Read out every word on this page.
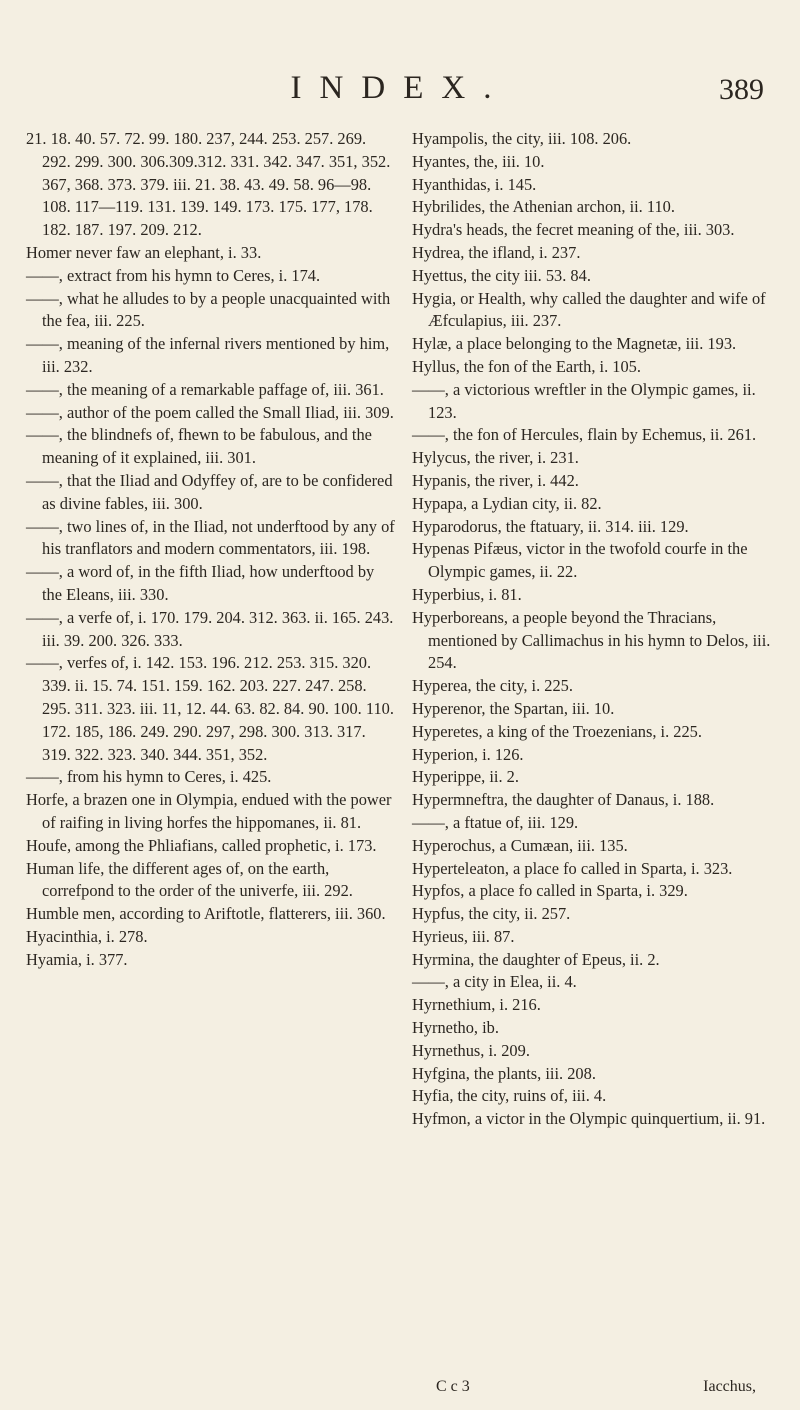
INDEX.	389

21. 18. 40. 57. 72. 99. 180. 237, 244. 253. 257. 269. 292. 299. 300. 306.309.312. 331. 342. 347. 351, 352. 367, 368. 373. 379. iii. 21. 38. 43. 49. 58. 96—98. 108. 117—119. 131. 139. 149. 173. 175. 177, 178. 182. 187. 197. 209. 212.

Homer never faw an elephant, i. 33.

——, extract from his hymn to Ceres, i. 174.

——, what he alludes to by a people unacquainted with the fea, iii. 225.

——, meaning of the infernal rivers mentioned by him, iii. 232.

——, the meaning of a remarkable paffage of, iii. 361.

——, author of the poem called the Small Iliad, iii. 309.

——, the blindnefs of, fhewn to be fabulous, and the meaning of it explained, iii. 301.

——, that the Iliad and Odyffey of, are to be confidered as divine fables, iii. 300.

——, two lines of, in the Iliad, not underftood by any of his tranflators and modern commentators, iii. 198.

——, a word of, in the fifth Iliad, how underftood by the Eleans, iii. 330.

——, a verfe of, i. 170. 179. 204. 312. 363. ii. 165. 243. iii. 39. 200. 326. 333.

——, verfes of, i. 142. 153. 196. 212. 253. 315. 320. 339. ii. 15. 74. 151. 159. 162. 203. 227. 247. 258. 295. 311. 323. iii. 11, 12. 44. 63. 82. 84. 90. 100. 110. 172. 185, 186. 249. 290. 297, 298. 300. 313. 317. 319. 322. 323. 340. 344. 351, 352.

——, from his hymn to Ceres, i. 425.

Horfe, a brazen one in Olympia, endued with the power of raifing in living horfes the hippomanes, ii. 81.

Houfe, among the Phliafians, called prophetic, i. 173.

Human life, the different ages of, on the earth, correfpond to the order of the univerfe, iii. 292.

Humble men, according to Ariftotle, flatterers, iii. 360.

Hyacinthia, i. 278.

Hyamia, i. 377.

Hyampolis, the city, iii. 108. 206.

Hyantes, the, iii. 10.

Hyanthidas, i. 145.

Hybrilides, the Athenian archon, ii. 110.

Hydra's heads, the fecret meaning of the, iii. 303.

Hydrea, the ifland, i. 237.

Hyettus, the city iii. 53. 84.

Hygia, or Health, why called the daughter and wife of Æfculapius, iii. 237.

Hylæ, a place belonging to the Magnetæ, iii. 193.

Hyllus, the fon of the Earth, i. 105.

——, a victorious wreftler in the Olympic games, ii. 123.

——, the fon of Hercules, flain by Echemus, ii. 261.

Hylycus, the river, i. 231.

Hypanis, the river, i. 442.

Hypapa, a Lydian city, ii. 82.

Hyparodorus, the ftatuary, ii. 314. iii. 129.

Hypenas Pifæus, victor in the twofold courfe in the Olympic games, ii. 22.

Hyperbius, i. 81.

Hyperboreans, a people beyond the Thracians, mentioned by Callimachus in his hymn to Delos, iii. 254.

Hyperea, the city, i. 225.

Hyperenor, the Spartan, iii. 10.

Hyperetes, a king of the Troezenians, i. 225.

Hyperion, i. 126.

Hyperippe, ii. 2.

Hypermneftra, the daughter of Danaus, i. 188.

——, a ftatue of, iii. 129.

Hyperochus, a Cumæan, iii. 135.

Hyperteleaton, a place fo called in Sparta, i. 323.

Hypfos, a place fo called in Sparta, i. 329.

Hypfus, the city, ii. 257.

Hyrieus, iii. 87.

Hyrmina, the daughter of Epeus, ii. 2.

——, a city in Elea, ii. 4.

Hyrnethium, i. 216.

Hyrnetho, ib.

Hyrnethus, i. 209.

Hyfgina, the plants, iii. 208.

Hyfia, the city, ruins of, iii. 4.

Hyfmon, a victor in the Olympic quinquertium, ii. 91.

C c 3	Iacchus,
